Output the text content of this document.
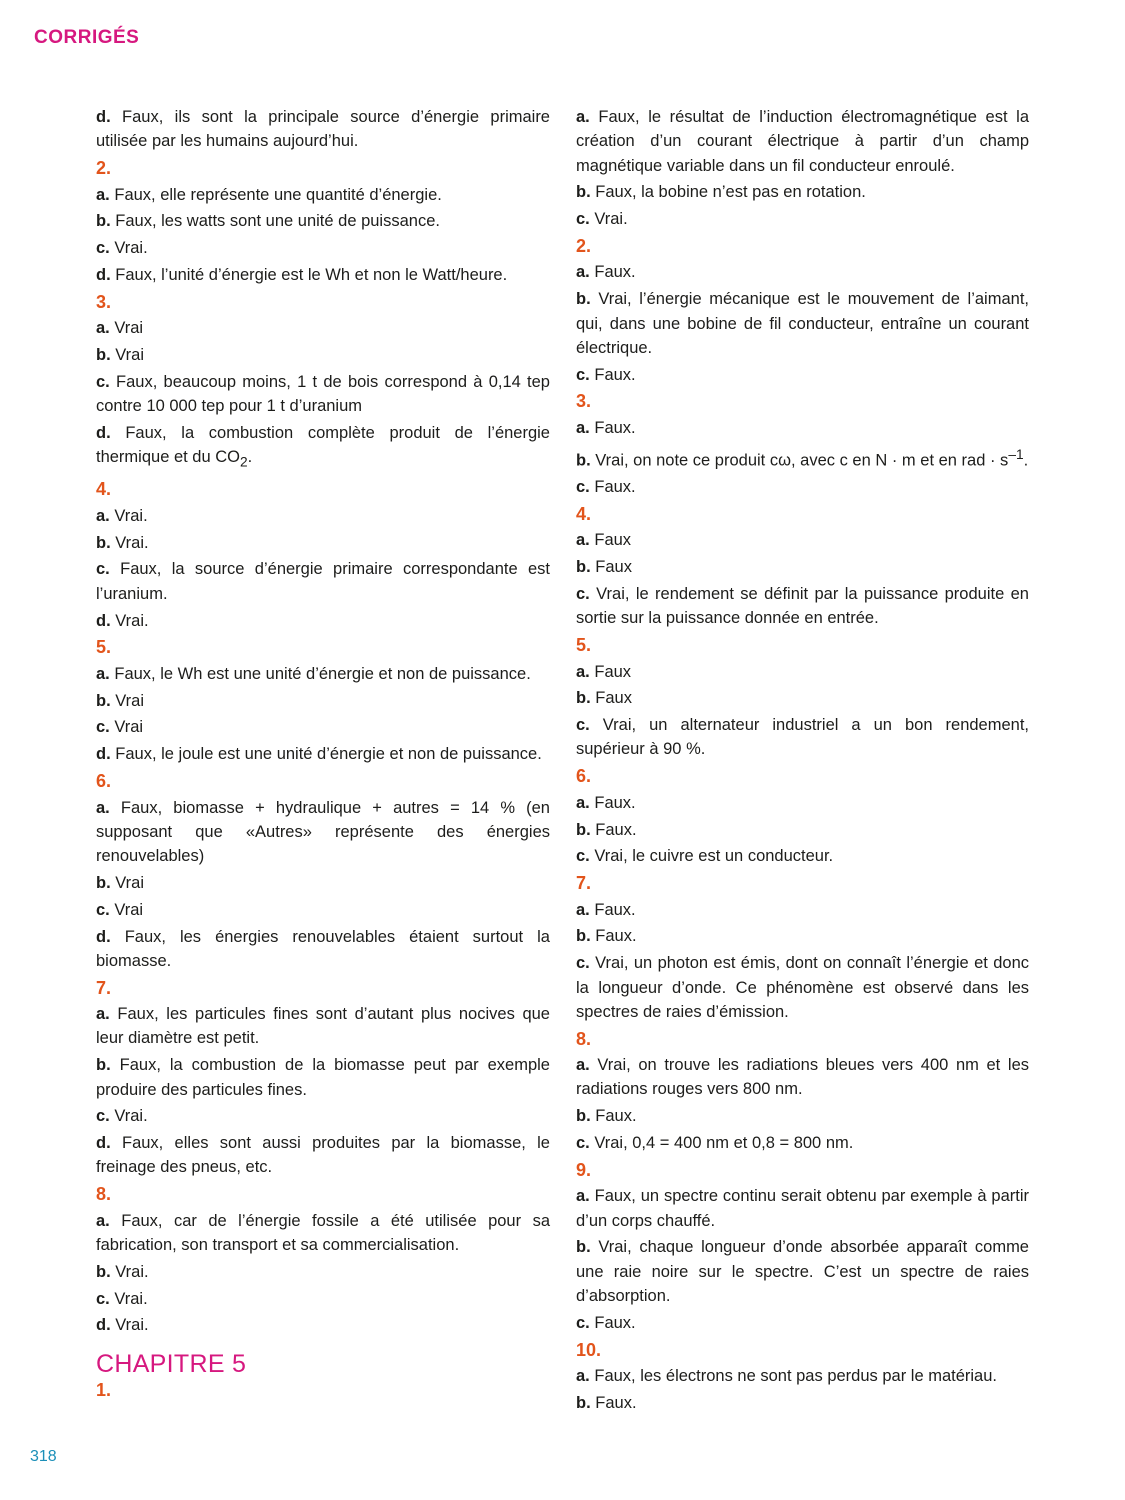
CORRIGÉS

d. Faux, ils sont la principale source d’énergie primaire utilisée par les humains aujourd’hui.

2.

a. Faux, elle représente une quantité d’énergie.

b. Faux, les watts sont une unité de puissance.

c. Vrai.

d. Faux, l’unité d’énergie est le Wh et non le Watt/heure.

3.

a. Vrai

b. Vrai

c. Faux, beaucoup moins, 1 t de bois correspond à 0,14 tep contre 10 000 tep pour 1 t d’uranium

d. Faux, la combustion complète produit de l’énergie thermique et du $CO_2$.

4.

a. Vrai.

b. Vrai.

c. Faux, la source d’énergie primaire correspondante est l’uranium.

d. Vrai.

5.

a. Faux, le Wh est une unité d’énergie et non de puissance.

b. Vrai

c. Vrai

d. Faux, le joule est une unité d’énergie et non de puissance.

6.

a. Faux, biomasse + hydraulique + autres = 14 % (en supposant que «Autres» représente des énergies renouvelables)

b. Vrai

c. Vrai

d. Faux, les énergies renouvelables étaient surtout la biomasse.

7.

a. Faux, les particules fines sont d’autant plus nocives que leur diamètre est petit.

b. Faux, la combustion de la biomasse peut par exemple produire des particules fines.

c. Vrai.

d. Faux, elles sont aussi produites par la biomasse, le freinage des pneus, etc.

8.

a. Faux, car de l’énergie fossile a été utilisée pour sa fabrication, son transport et sa commercialisation.

b. Vrai.

c. Vrai.

d. Vrai.

CHAPITRE 5
1.

a. Faux, le résultat de l’induction électromagnétique est la création d’un courant électrique à partir d’un champ magnétique variable dans un fil conducteur enroulé.

b. Faux, la bobine n’est pas en rotation.

c. Vrai.

2.

a. Faux.

b. Vrai, l’énergie mécanique est le mouvement de l’aimant, qui, dans une bobine de fil conducteur, entraîne un courant électrique.

c. Faux.

3.

a. Faux.

b. Vrai, on note ce produit cω, avec c en N · m et en rad · $s^{-1}$.

c. Faux.

4.

a. Faux

b. Faux

c. Vrai, le rendement se définit par la puissance produite en sortie sur la puissance donnée en entrée.

5.

a. Faux

b. Faux

c. Vrai, un alternateur industriel a un bon rendement, supérieur à 90 %.

6.

a. Faux.

b. Faux.

c. Vrai, le cuivre est un conducteur.

7.

a. Faux.

b. Faux.

c. Vrai, un photon est émis, dont on connaît l’énergie et donc la longueur d’onde. Ce phénomène est observé dans les spectres de raies d’émission.

8.

a. Vrai, on trouve les radiations bleues vers 400 nm et les radiations rouges vers 800 nm.

b. Faux.

c. Vrai, 0,4 = 400 nm et 0,8 = 800 nm.

9.

a. Faux, un spectre continu serait obtenu par exemple à partir d’un corps chauffé.

b. Vrai, chaque longueur d’onde absorbée apparaît comme une raie noire sur le spectre. C’est un spectre de raies d’absorption.

c. Faux.

10.

a. Faux, les électrons ne sont pas perdus par le matériau.

b. Faux.

318
